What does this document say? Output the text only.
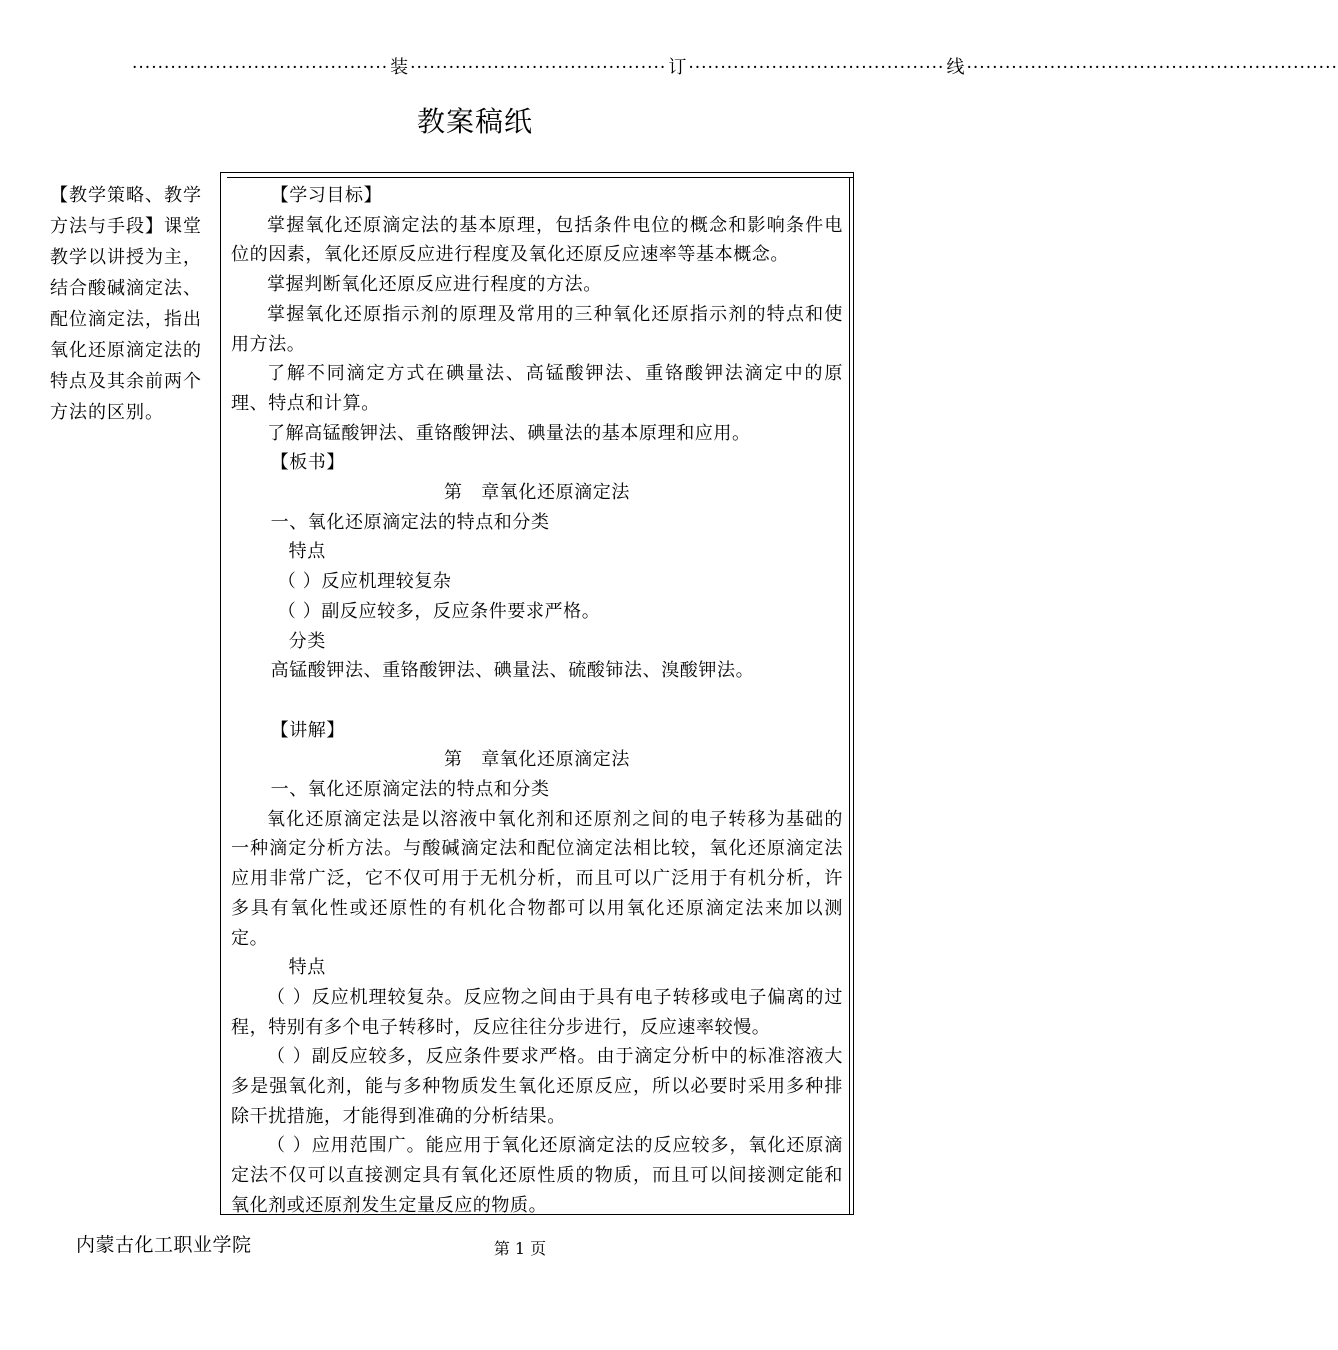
········································ 装 ········································ 订 ········································ 线 ··························································
教案稿纸
【教学策略、教学方法与手段】课堂教学以讲授为主，结合酸碱滴定法、配位滴定法，指出氧化还原滴定法的特点及其余前两个方法的区别。

【学习目标】

掌握氧化还原滴定法的基本原理，包括条件电位的概念和影响条件电位的因素，氧化还原反应进行程度及氧化还原反应速率等基本概念。

掌握判断氧化还原反应进行程度的方法。

掌握氧化还原指示剂的原理及常用的三种氧化还原指示剂的特点和使用方法。

了解不同滴定方式在碘量法、高锰酸钾法、重铬酸钾法滴定中的原理、特点和计算。

了解高锰酸钾法、重铬酸钾法、碘量法的基本原理和应用。

【板书】

第　章氧化还原滴定法

一、氧化还原滴定法的特点和分类

特点

（ ）反应机理较复杂

（ ）副反应较多，反应条件要求严格。

分类

高锰酸钾法、重铬酸钾法、碘量法、硫酸铈法、溴酸钾法。

【讲解】

第　章氧化还原滴定法

一、氧化还原滴定法的特点和分类

氧化还原滴定法是以溶液中氧化剂和还原剂之间的电子转移为基础的一种滴定分析方法。与酸碱滴定法和配位滴定法相比较，氧化还原滴定法应用非常广泛，它不仅可用于无机分析，而且可以广泛用于有机分析，许多具有氧化性或还原性的有机化合物都可以用氧化还原滴定法来加以测定。

特点

（ ）反应机理较复杂。反应物之间由于具有电子转移或电子偏离的过程，特别有多个电子转移时，反应往往分步进行，反应速率较慢。

（ ）副反应较多，反应条件要求严格。由于滴定分析中的标准溶液大多是强氧化剂，能与多种物质发生氧化还原反应，所以必要时采用多种排除干扰措施，才能得到准确的分析结果。

（ ）应用范围广。能应用于氧化还原滴定法的反应较多，氧化还原滴定法不仅可以直接测定具有氧化还原性质的物质，而且可以间接测定能和氧化剂或还原剂发生定量反应的物质。

内蒙古化工职业学院	第 1 页
